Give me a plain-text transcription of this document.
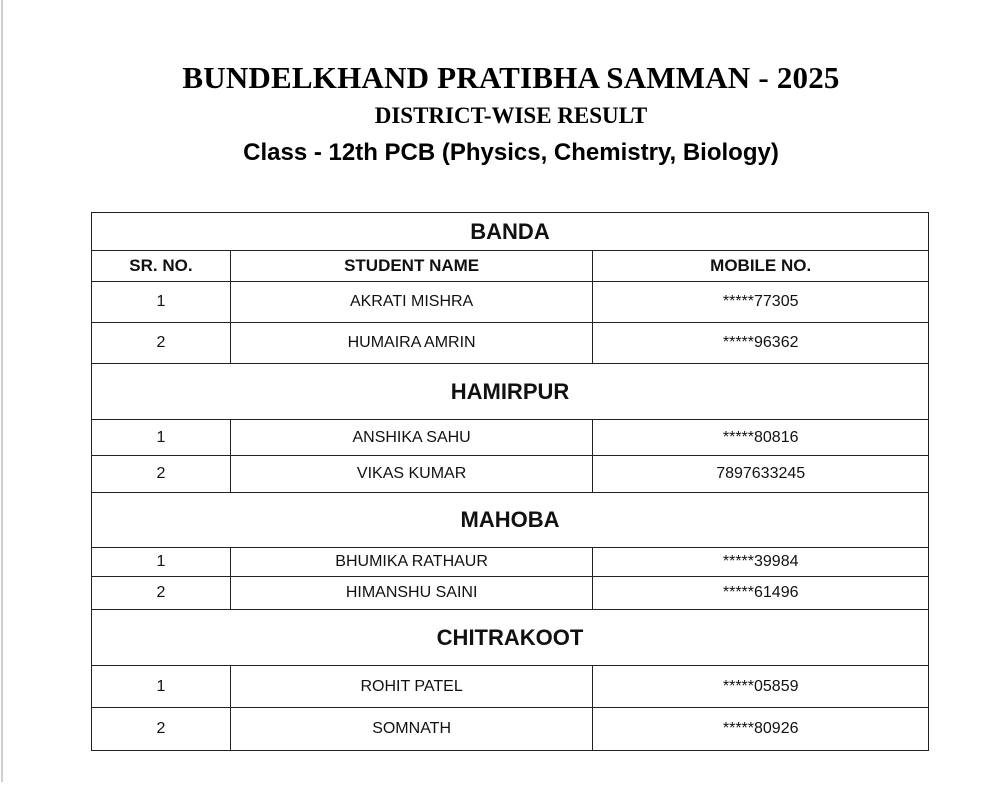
BUNDELKHAND PRATIBHA SAMMAN - 2025
DISTRICT-WISE RESULT
Class - 12th PCB (Physics, Chemistry, Biology)
BANDA		
SR. NO.	STUDENT NAME	MOBILE NO.
1	AKRATI MISHRA	*****77305
2	HUMAIRA AMRIN	*****96362
HAMIRPUR		
1	ANSHIKA SAHU	*****80816
2	VIKAS KUMAR	7897633245
MAHOBA		
1	BHUMIKA RATHAUR	*****39984
2	HIMANSHU SAINI	*****61496
CHITRAKOOT		
1	ROHIT PATEL	*****05859
2	SOMNATH	*****80926
